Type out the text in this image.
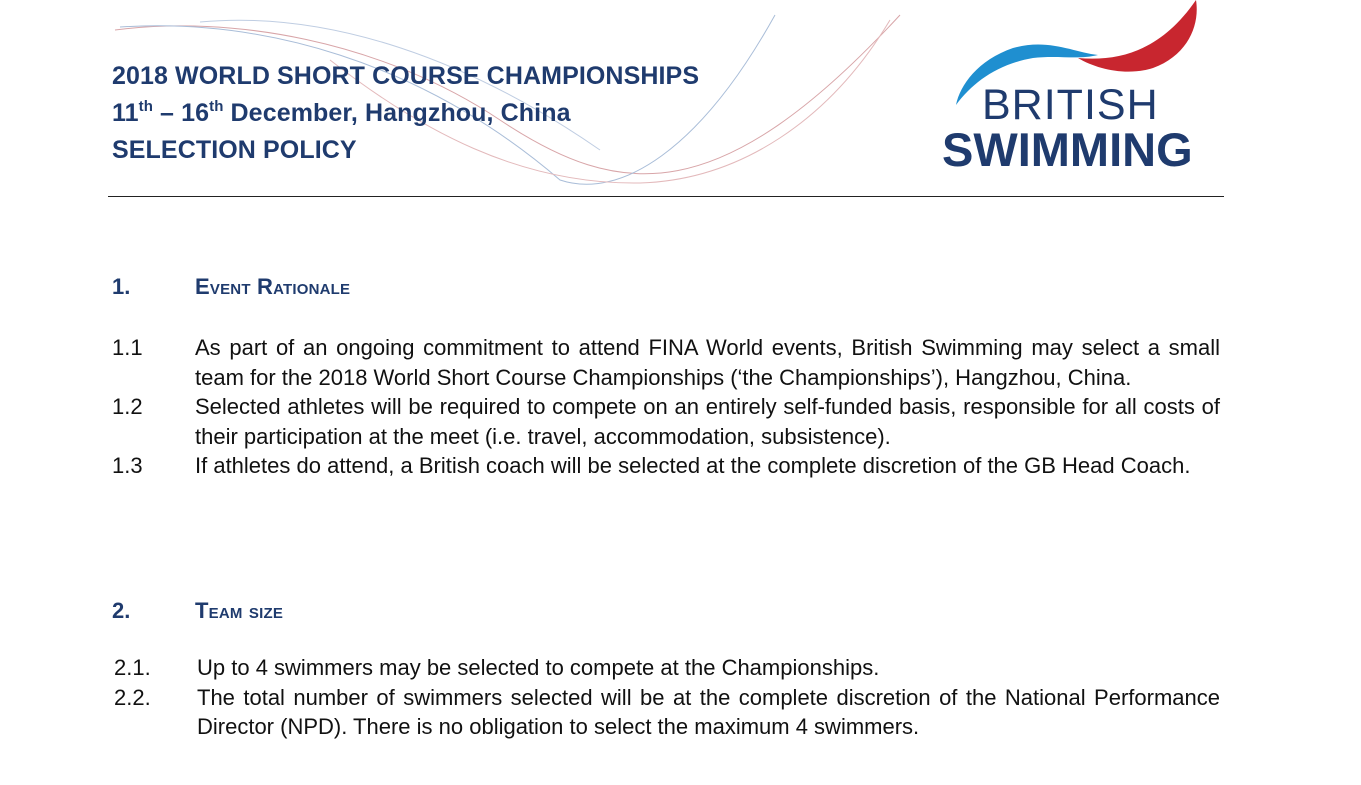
2018 WORLD SHORT COURSE CHAMPIONSHIPS
11th – 16th December, Hangzhou, China
SELECTION POLICY
BRITISH
SWIMMING
1.	Event Rationale
1.1 As part of an ongoing commitment to attend FINA World events, British Swimming may select a small team for the 2018 World Short Course Championships (‘the Championships’), Hangzhou, China.
1.2 Selected athletes will be required to compete on an entirely self-funded basis, responsible for all costs of their participation at the meet (i.e. travel, accommodation, subsistence).
1.3 If athletes do attend, a British coach will be selected at the complete discretion of the GB Head Coach.
2.	Team size
2.1. Up to 4 swimmers may be selected to compete at the Championships.
2.2. The total number of swimmers selected will be at the complete discretion of the National Performance Director (NPD). There is no obligation to select the maximum 4 swimmers.
